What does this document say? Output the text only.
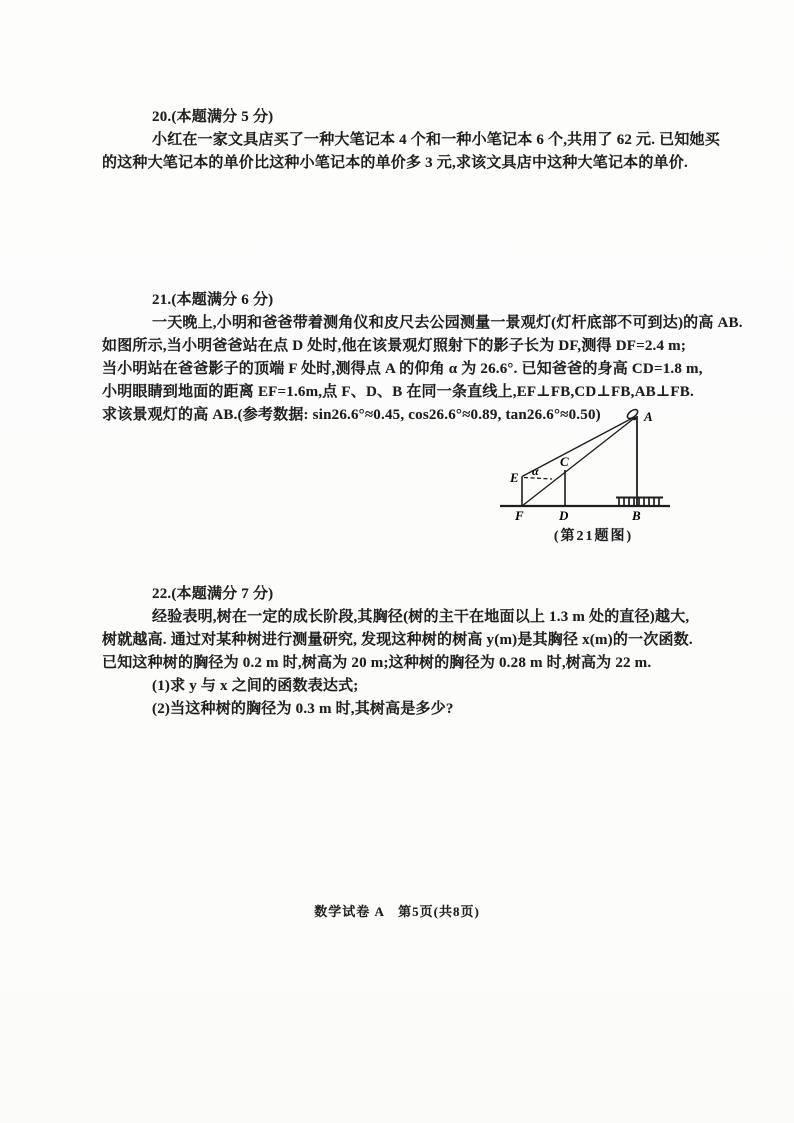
20.(本题满分 5 分)
小红在一家文具店买了一种大笔记本 4 个和一种小笔记本 6 个,共用了 62 元. 已知她买
的这种大笔记本的单价比这种小笔记本的单价多 3 元,求该文具店中这种大笔记本的单价.
21.(本题满分 6 分)
一天晚上,小明和爸爸带着测角仪和皮尺去公园测量一景观灯(灯杆底部不可到达)的高 AB.
如图所示,当小明爸爸站在点 D 处时,他在该景观灯照射下的影子长为 DF,测得 DF=2.4 m;
当小明站在爸爸影子的顶端 F 处时,测得点 A 的仰角 α 为 26.6°. 已知爸爸的身高 CD=1.8 m,
小明眼睛到地面的距离 EF=1.6m,点 F、D、B 在同一条直线上,EF⊥FB,CD⊥FB,AB⊥FB.
求该景观灯的高 AB.(参考数据: sin26.6°≈0.45, cos26.6°≈0.89, tan26.6°≈0.50)
α
A
B
C
D
E
F
(第21题图)
22.(本题满分 7 分)
经验表明,树在一定的成长阶段,其胸径(树的主干在地面以上 1.3 m 处的直径)越大,
树就越高. 通过对某种树进行测量研究, 发现这种树的树高 y(m)是其胸径 x(m)的一次函数.
已知这种树的胸径为 0.2 m 时,树高为 20 m;这种树的胸径为 0.28 m 时,树高为 22 m.
(1)求 y 与 x 之间的函数表达式;
(2)当这种树的胸径为 0.3 m 时,其树高是多少?
数学试卷 A　第5页(共8页)
